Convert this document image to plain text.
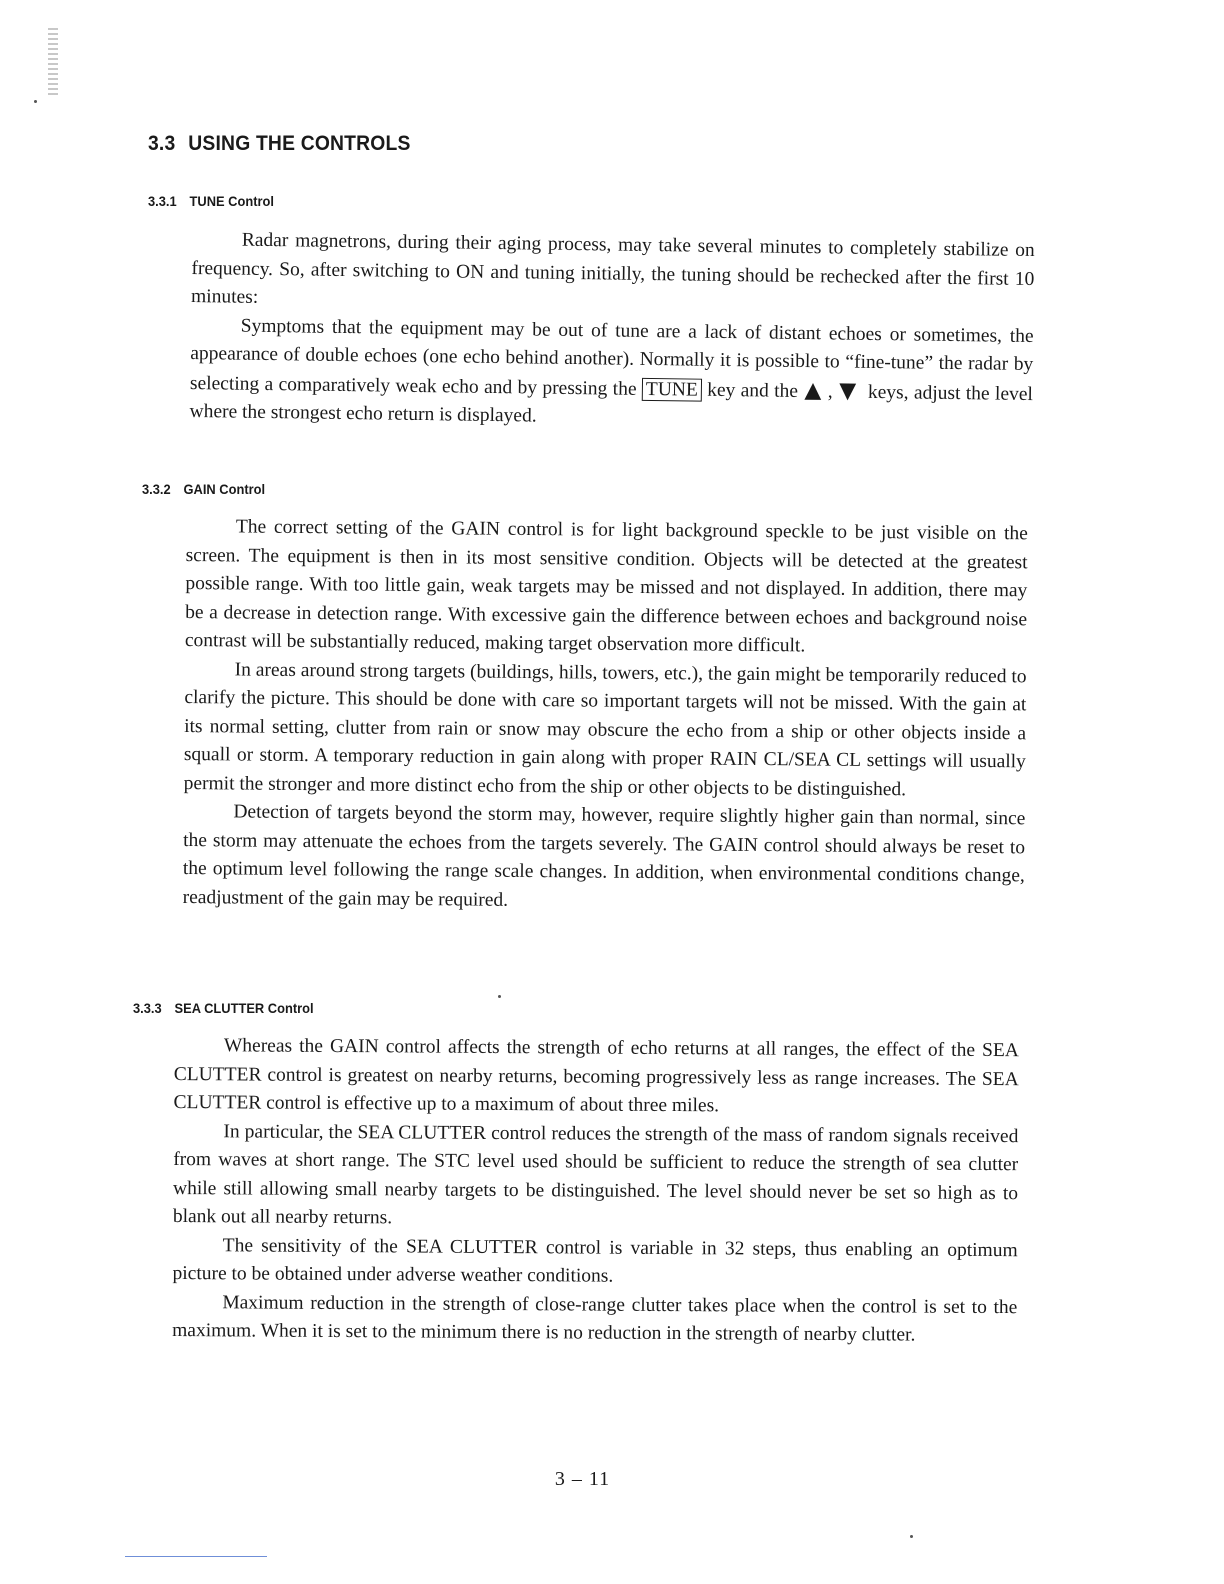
3.3 USING THE CONTROLS
3.3.1 TUNE Control

Radar magnetrons, during their aging process, may take several minutes to completely stabilize on frequency. So, after switching to ON and tuning initially, the tuning should be rechecked after the first 10 minutes:

Symptoms that the equipment may be out of tune are a lack of distant echoes or sometimes, the appearance of double echoes (one echo behind another). Normally it is possible to “fine-tune” the radar by selecting a comparatively weak echo and by pressing the TUNE key and the ▲ , ▼ keys, adjust the level where the strongest echo return is displayed.

3.3.2 GAIN Control

The correct setting of the GAIN control is for light background speckle to be just visible on the screen. The equipment is then in its most sensitive condition. Objects will be detected at the greatest possible range. With too little gain, weak targets may be missed and not displayed. In addition, there may be a decrease in detection range. With excessive gain the difference between echoes and background noise contrast will be substantially reduced, making target observation more difficult.

In areas around strong targets (buildings, hills, towers, etc.), the gain might be temporarily reduced to clarify the picture. This should be done with care so important targets will not be missed. With the gain at its normal setting, clutter from rain or snow may obscure the echo from a ship or other objects inside a squall or storm. A temporary reduction in gain along with proper RAIN CL/SEA CL settings will usually permit the stronger and more distinct echo from the ship or other objects to be distinguished.

Detection of targets beyond the storm may, however, require slightly higher gain than normal, since the storm may attenuate the echoes from the targets severely. The GAIN control should always be reset to the optimum level following the range scale changes. In addition, when environmental conditions change, readjustment of the gain may be required.

3.3.3 SEA CLUTTER Control

Whereas the GAIN control affects the strength of echo returns at all ranges, the effect of the SEA CLUTTER control is greatest on nearby returns, becoming progressively less as range increases. The SEA CLUTTER control is effective up to a maximum of about three miles.

In particular, the SEA CLUTTER control reduces the strength of the mass of random signals received from waves at short range. The STC level used should be sufficient to reduce the strength of sea clutter while still allowing small nearby targets to be distinguished. The level should never be set so high as to blank out all nearby returns.

The sensitivity of the SEA CLUTTER control is variable in 32 steps, thus enabling an optimum picture to be obtained under adverse weather conditions.

Maximum reduction in the strength of close-range clutter takes place when the control is set to the maximum. When it is set to the minimum there is no reduction in the strength of nearby clutter.

3 – 11
